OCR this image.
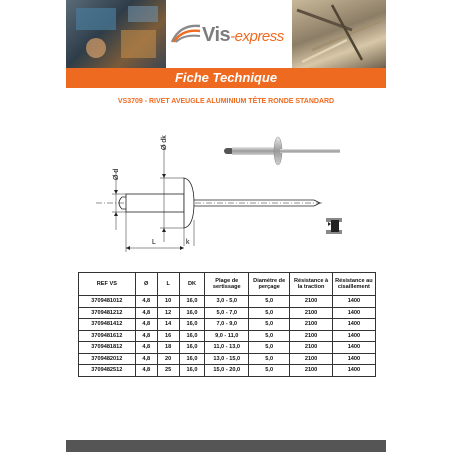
Vis-express
Fiche Technique
VS3709 - RIVET AVEUGLE ALUMINIUM TÊTE RONDE STANDARD
Ø dk
Ø d
k
L
REF VS	Ø	L	DK	Plage de sertissage	Diamètre de perçage	Résistance à la traction	Résistance au cisaillement
3709481012	4,8	10	16,0	3,0 - 5,0	5,0	2100	1400
3709481212	4,8	12	16,0	5,0 - 7,0	5,0	2100	1400
3709481412	4,8	14	16,0	7,0 - 9,0	5,0	2100	1400
3709481612	4,8	16	16,0	9,0 - 11,0	5,0	2100	1400
3709481812	4,8	18	16,0	11,0 - 13,0	5,0	2100	1400
3709482012	4,8	20	16,0	13,0 - 15,0	5,0	2100	1400
3709482512	4,8	25	16,0	15,0 - 20,0	5,0	2100	1400
